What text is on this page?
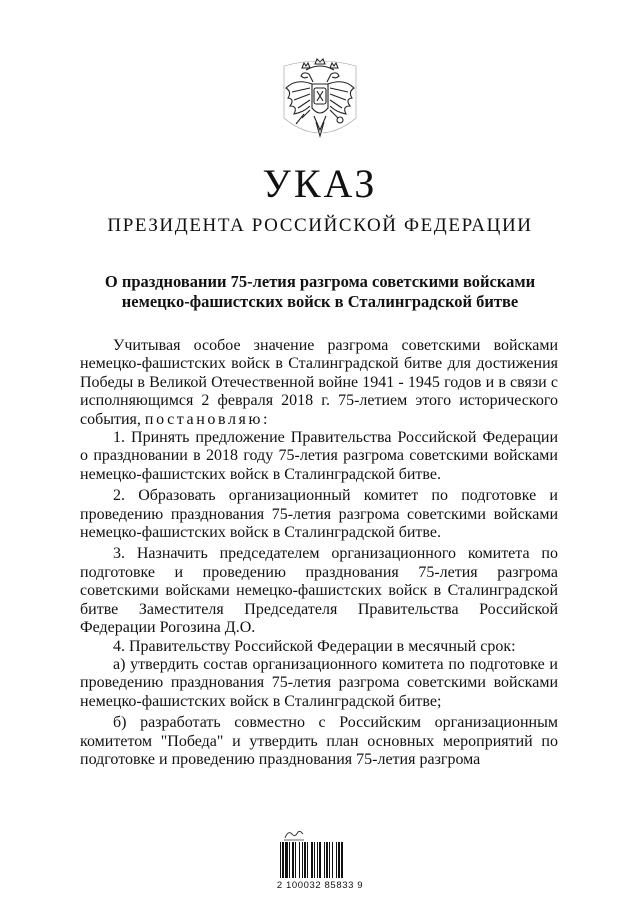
УКАЗ
ПРЕЗИДЕНТА РОССИЙСКОЙ ФЕДЕРАЦИИ
О праздновании 75-летия разгрома советскими войсками
немецко-фашистских войск в Сталинградской битве

Учитывая особое значение разгрома советскими войсками немецко-фашистских войск в Сталинградской битве для достижения Победы в Великой Отечественной войне 1941 - 1945 годов и в связи с исполняющимся 2 февраля 2018 г. 75-летием этого исторического события, постановляю:

1. Принять предложение Правительства Российской Федерации о праздновании в 2018 году 75-летия разгрома советскими войсками немецко-фашистских войск в Сталинградской битве.

2. Образовать организационный комитет по подготовке и проведению празднования 75-летия разгрома советскими войсками немецко-фашистских войск в Сталинградской битве.

3. Назначить председателем организационного комитета по подготовке и проведению празднования 75-летия разгрома советскими войсками немецко-фашистских войск в Сталинградской битве Заместителя Председателя Правительства Российской Федерации Рогозина Д.О.

4. Правительству Российской Федерации в месячный срок:

а) утвердить состав организационного комитета по подготовке и проведению празднования 75-летия разгрома советскими войсками немецко-фашистских войск в Сталинградской битве;

б) разработать совместно с Российским организационным комитетом "Победа" и утвердить план основных мероприятий по подготовке и проведению празднования 75-летия разгрома

2 100032 85833 9
